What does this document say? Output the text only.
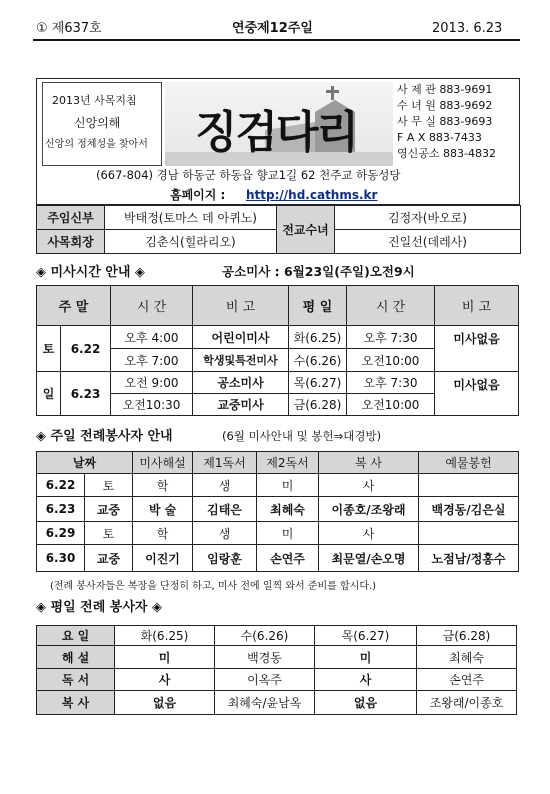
① 제637호	연중제12주일	2013. 6.23
2013년 사목지침
신앙의해
신앙의 정체성을 찾아서 징검다리
사 제 관 883-9691
수 녀 원 883-9692
사 무 실 883-9693
F A X 883-7433
영신공소 883-4832
(667-804) 경남 하동군 하동읍 향교1길 62 천주교 하동성당
홈페이지 : http://hd.cathms.kr
주임신부	박태정(토마스 데 아퀴노)	전교수녀	김정자(바오로)
사목회장	김춘식(힐라리오)		진일선(데레사)
◈ 미사시간 안내 ◈	공소미사 : 6월23일(주일)오전9시
주 말		시 간	비 고	평 일	시 간	비 고
토	6.22	오후 4:00	어린이미사	화(6.25)	오후 7:30	미사없음
		오후 7:00	학생및특전미사	수(6.26)	오전10:00	
일	6.23	오전 9:00	공소미사	목(6.27)	오후 7:30	미사없음
		오전10:30	교중미사	금(6.28)	오전10:00	
◈ 주일 전례봉사자 안내	(6월 미사안내 및 봉헌⇒대경방)
날짜		미사해설	제1독서	제2독서	복 사	예물봉헌
6.22	토	학	생	미	사	
6.23	교중	박 술	김태은	최혜숙	이종호/조왕래	백경동/김은실
6.29	토	학	생	미	사	
6.30	교중	이진기	임랑훈	손연주	최문열/손오명	노점남/정홍수
(전례 봉사자들은 복장을 단정히 하고, 미사 전에 일찍 와서 준비를 합시다.)
◈ 평일 전례 봉사자 ◈
요 일	화(6.25)	수(6.26)	목(6.27)	금(6.28)
해 설	미	백경동	미	최혜숙
독 서	사	이옥주	사	손연주
복 사	없음	최혜숙/윤남옥	없음	조왕래/이종호
